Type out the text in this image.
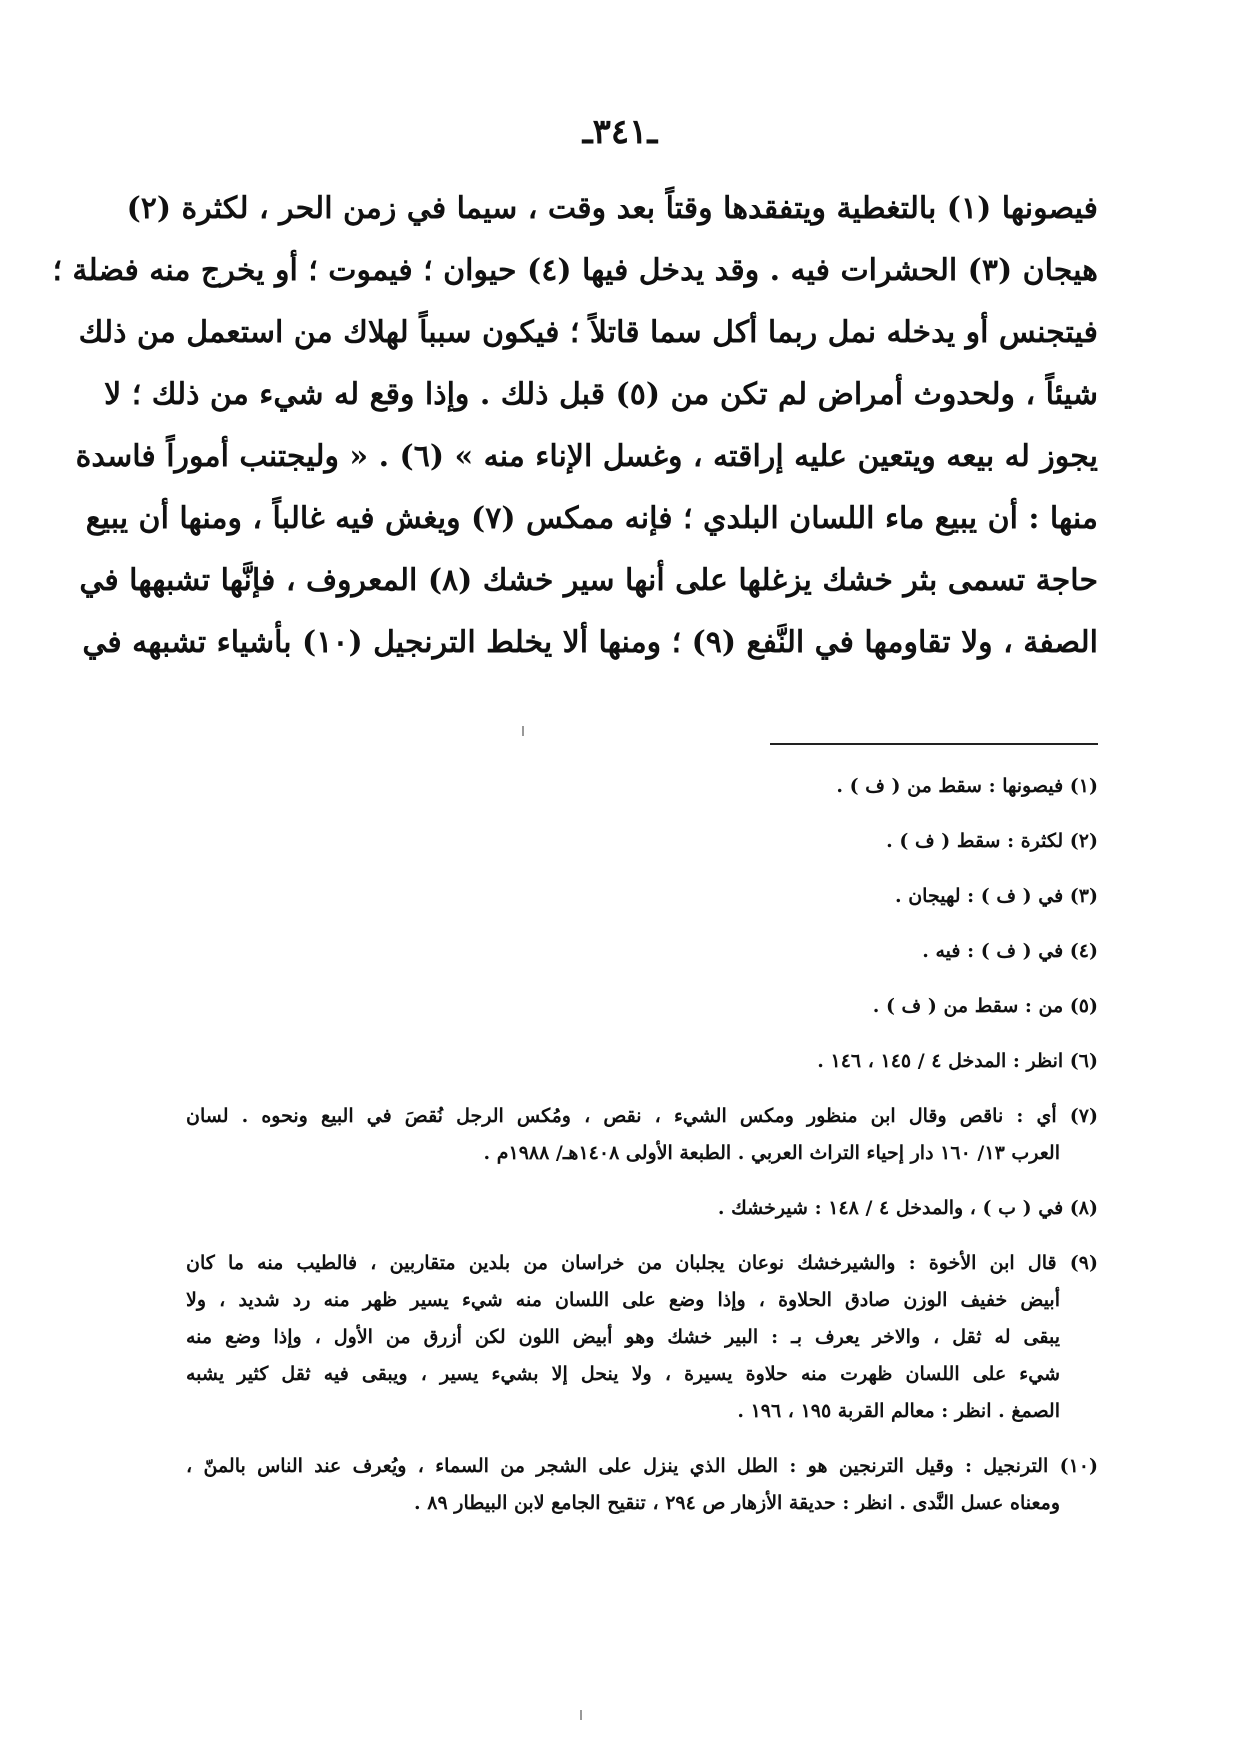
ـ٣٤١ـ
فيصونها (١) بالتغطية ويتفقدها وقتاً بعد وقت ، سيما في زمن الحر ، لكثرة (٢)
هيجان (٣) الحشرات فيه . وقد يدخل فيها (٤) حيوان ؛ فيموت ؛ أو يخرج منه فضلة ؛
فيتجنس أو يدخله نمل ربما أكل سما قاتلاً ؛ فيكون سبباً لهلاك من استعمل من ذلك
شيئاً ، ولحدوث أمراض لم تكن من (٥) قبل ذلك . وإذا وقع له شيء من ذلك ؛ لا
يجوز له بيعه ويتعين عليه إراقته ، وغسل الإناء منه » (٦) . « وليجتنب أموراً فاسدة
منها : أن يبيع ماء اللسان البلدي ؛ فإنه ممكس (٧) ويغش فيه غالباً ، ومنها أن يبيع
حاجة تسمى بثر خشك يزغلها على أنها سير خشك (٨) المعروف ، فإنَّها تشبهها في
الصفة ، ولا تقاومها في النَّفع (٩) ؛ ومنها ألا يخلط الترنجيل (١٠) بأشياء تشبهه في
(١) فيصونها : سقط من ( ف ) .
(٢) لكثرة : سقط ( ف ) .
(٣) في ( ف ) : لهيجان .
(٤) في ( ف ) : فيه .
(٥) من : سقط من ( ف ) .
(٦) انظر : المدخل ٤ / ١٤٥ ، ١٤٦ .
(٧) أي : ناقص وقال ابن منظور ومكس الشيء ، نقص ، ومُكس الرجل نُقصَ في البيع ونحوه . لسان
العرب ١٣/ ١٦٠ دار إحياء التراث العربي . الطبعة الأولى ١٤٠٨هـ/ ١٩٨٨م .
(٨) في ( ب ) ، والمدخل ٤ / ١٤٨ : شيرخشك .
(٩) قال ابن الأخوة : والشيرخشك نوعان يجلبان من خراسان من بلدين متقاربين ، فالطيب منه ما كان
أبيض خفيف الوزن صادق الحلاوة ، وإذا وضع على اللسان منه شيء يسير ظهر منه رد شديد ، ولا
يبقى له ثقل ، والاخر يعرف بـ : البير خشك وهو أبيض اللون لكن أزرق من الأول ، وإذا وضع منه
شيء على اللسان ظهرت منه حلاوة يسيرة ، ولا ينحل إلا بشيء يسير ، ويبقى فيه ثقل كثير يشبه
الصمغ . انظر : معالم القربة ١٩٥ ، ١٩٦ .
(١٠) الترنجيل : وقيل الترنجين هو : الطل الذي ينزل على الشجر من السماء ، ويُعرف عند الناس بالمنّ ،
ومعناه عسل النَّدى . انظر : حديقة الأزهار ص ٢٩٤ ، تنقيح الجامع لابن البيطار ٨٩ .
